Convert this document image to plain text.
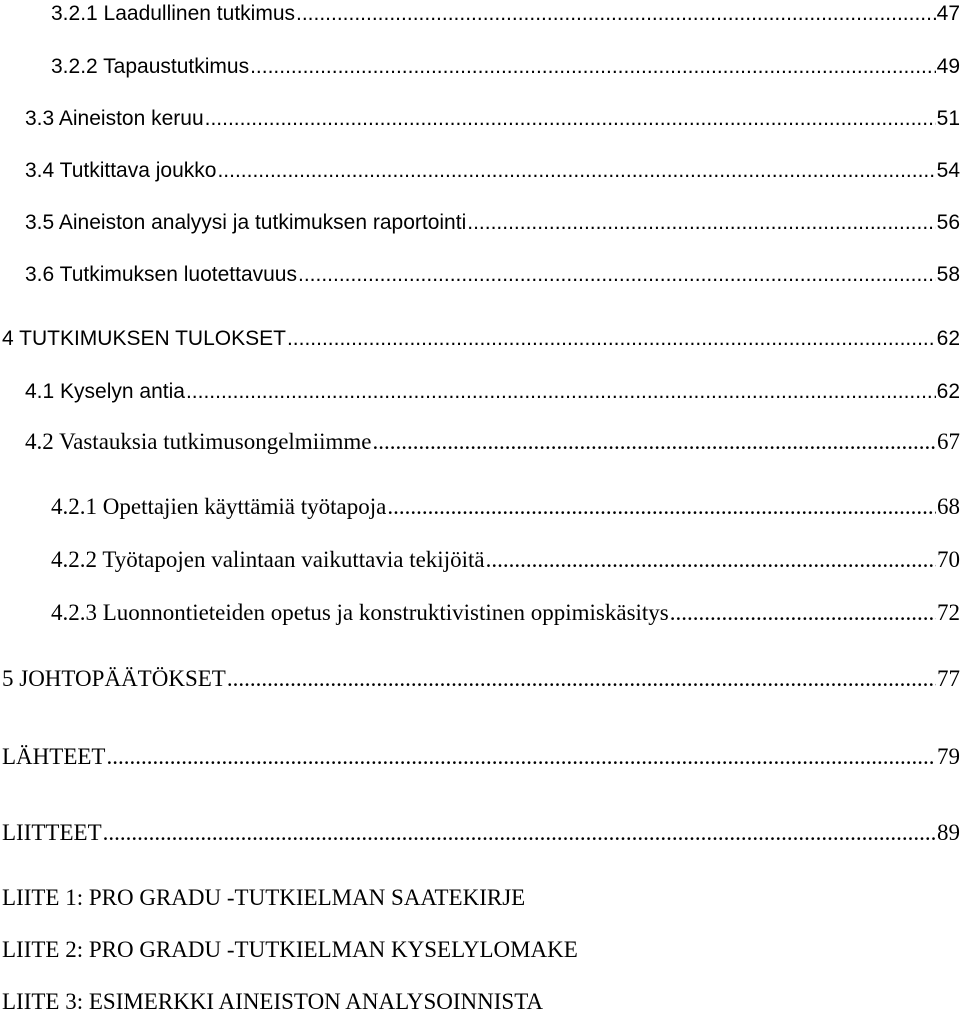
3.2.1 Laadullinen tutkimus .....	47
3.2.2 Tapaustutkimus .....	49
3.3 Aineiston keruu .....	51
3.4 Tutkittava joukko .....	54
3.5 Aineiston analyysi ja tutkimuksen raportointi .....	56
3.6 Tutkimuksen luotettavuus .....	58
4 TUTKIMUKSEN TULOKSET .....	62
4.1 Kyselyn antia .....	62
4.2 Vastauksia tutkimusongelmiimme .....	67
4.2.1 Opettajien käyttämiä työtapoja .....	68
4.2.2 Työtapojen valintaan vaikuttavia tekijöitä .....	70
4.2.3 Luonnontieteiden opetus ja konstruktivistinen oppimiskäsitys .....	72
5 JOHTOPÄÄTÖKSET .....	77
LÄHTEET .....	79
LIITTEET .....	89
LIITE 1: PRO GRADU -TUTKIELMAN SAATEKIRJE
LIITE 2: PRO GRADU -TUTKIELMAN KYSELYLOMAKE
LIITE 3: ESIMERKKI AINEISTON ANALYSOINNISTA
